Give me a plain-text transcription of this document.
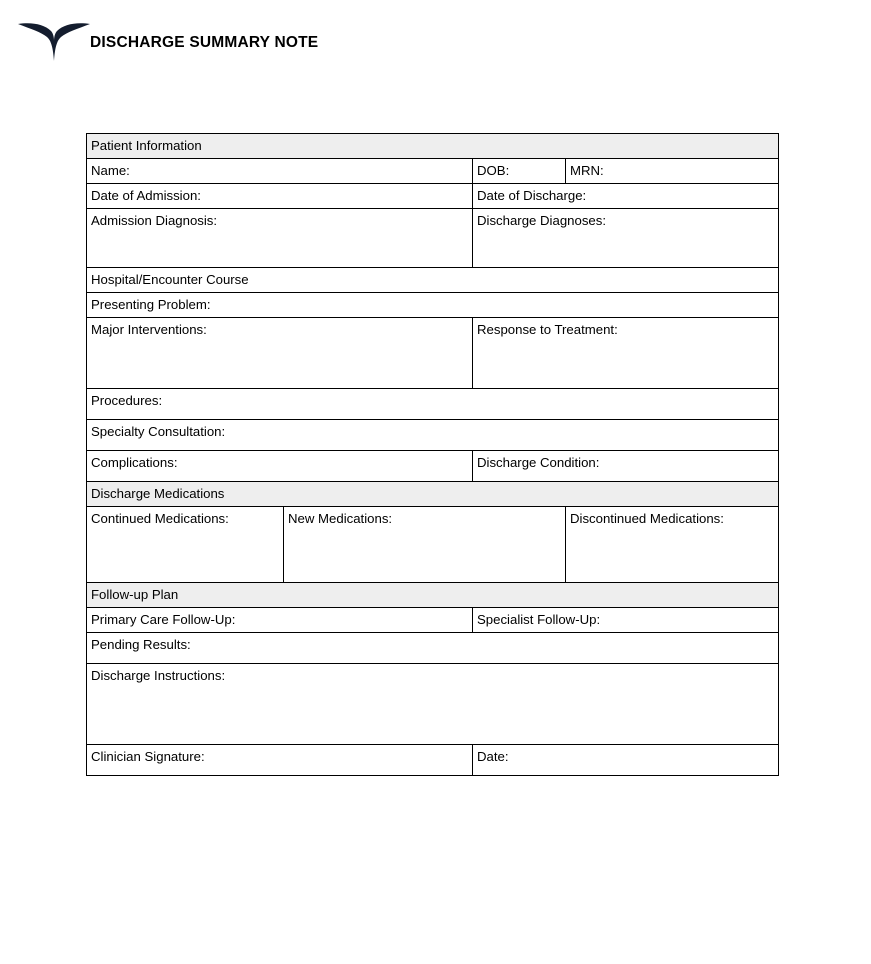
DISCHARGE SUMMARY NOTE
Patient Information			

Name:		DOB:	MRN:

Date of Admission:		Date of Discharge:	

Admission Diagnosis:		Discharge Diagnoses:	

Hospital/Encounter Course			

Presenting Problem:			

Major Interventions:		Response to Treatment:	

Procedures:			

Specialty Consultation:			

Complications:		Discharge Condition:	

Discharge Medications			

Continued Medications:	New Medications:		Discontinued Medications:

Follow-up Plan			

Primary Care Follow-Up:		Specialist Follow-Up:	

Pending Results:			

Discharge Instructions:			

Clinician Signature:		Date:	
